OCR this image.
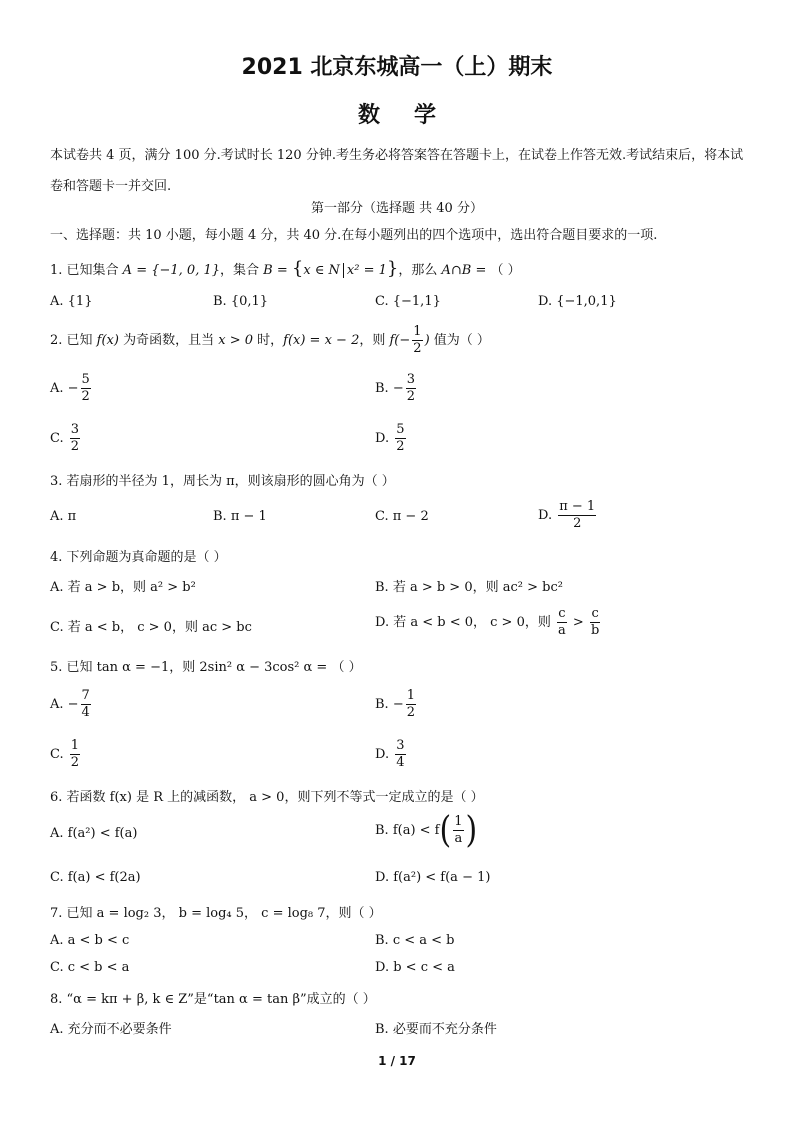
2021 北京东城高一（上）期末
数学
本试卷共 4 页，满分 100 分.考试时长 120 分钟.考生务必将答案答在答题卡上，在试卷上作答无效.考试结束后，将本试卷和答题卡一并交回.
第一部分（选择题 共 40 分）
一、选择题：共 10 小题，每小题 4 分，共 40 分.在每小题列出的四个选项中，选出符合题目要求的一项.
1. 已知集合 A = {−1, 0, 1}，集合 B = {x ∈ N x² = 1}，那么 A∩B = （ ）
A. {1}	B. {0,1}	C. {−1,1}	D. {−1,0,1}
2. 已知 f(x) 为奇函数，且当 x > 0 时，f(x) = x − 2，则 $f(- \frac{1}{2}$ ) 值为（ ）
A. − $\frac{5}{2}$	B. − $\frac{3}{2}$
C. $\frac{3}{2}$	D. $\frac{5}{2}$
3. 若扇形的半径为 1，周长为 π，则该扇形的圆心角为（ ）
A. π	B. π − 1	C. π − 2	D. $\frac{\pi - 1}{2}$
4. 下列命题为真命题的是（ ）
A. 若 a > b，则 a² > b²	B. 若 a > b > 0，则 ac² > bc²
C. 若 a < b， c > 0，则 ac > bc	D. 若 a < b < 0， c > 0，则 $\frac{c}{a} > \frac{c}{b}$
5. 已知 tan α = −1，则 2sin² α − 3cos² α = （ ）
A. − $\frac{7}{4}$	B. − $\frac{1}{2}$
C. $\frac{1}{2}$	D. $\frac{3}{4}$
6. 若函数 f(x) 是 R 上的减函数， a > 0，则下列不等式一定成立的是（ ）
A. f(a²) < f(a)	B. $f(a) < f( \frac{1}{a}$ )
C. f(a) < f(2a)	D. f(a²) < f(a − 1)
7. 已知 a = log₂ 3， b = log₄ 5， c = log₈ 7，则（ ）
A. a < b < c	B. c < a < b
C. c < b < a	D. b < c < a
8. “α = kπ + β, k ∈ Z”是“tan α = tan β”成立的（ ）
A. 充分而不必要条件	B. 必要而不充分条件
1 / 17
